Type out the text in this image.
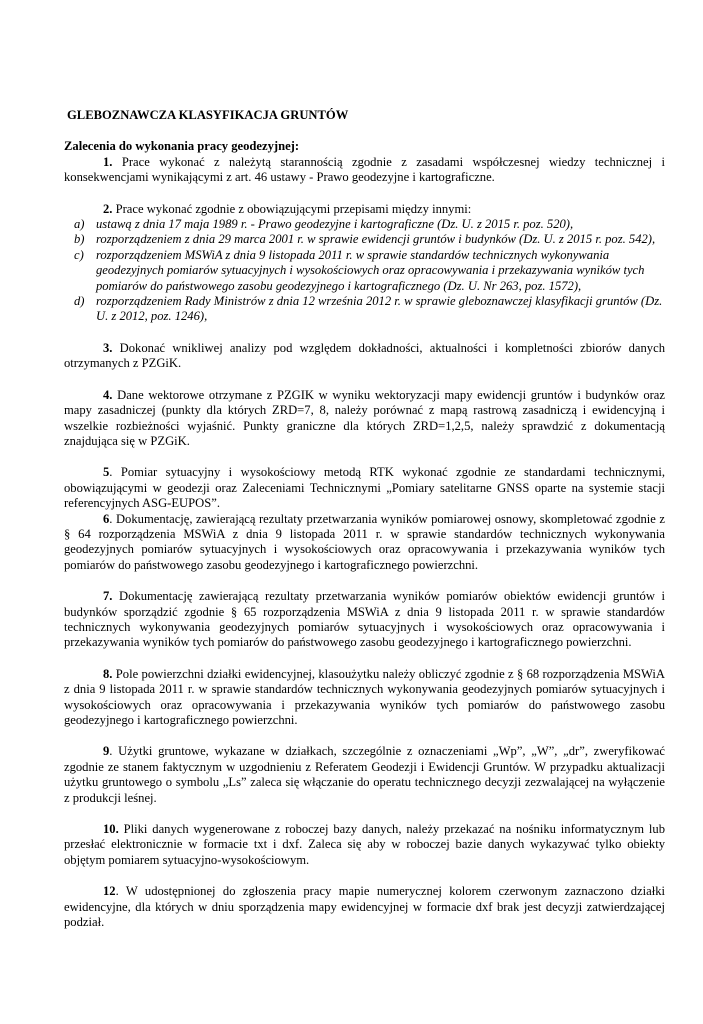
GLEBOZNAWCZA KLASYFIKACJA GRUNTÓW
Zalecenia do wykonania pracy geodezyjnej:

1. Prace wykonać z należytą starannością zgodnie z zasadami współczesnej wiedzy technicznej i konsekwencjami wynikającymi z art. 46 ustawy - Prawo geodezyjne i kartograficzne.

2. Prace wykonać zgodnie z obowiązującymi przepisami między innymi:

a) ustawą z dnia 17 maja 1989 r. - Prawo geodezyjne i kartograficzne (Dz. U. z 2015 r. poz. 520),
b) rozporządzeniem z dnia 29 marca 2001 r. w sprawie ewidencji gruntów i budynków (Dz. U. z 2015 r. poz. 542),
c) rozporządzeniem MSWiA z dnia 9 listopada 2011 r. w sprawie standardów technicznych wykonywania geodezyjnych pomiarów sytuacyjnych i wysokościowych oraz opracowywania i przekazywania wyników tych pomiarów do państwowego zasobu geodezyjnego i kartograficznego (Dz. U. Nr 263, poz. 1572),
d) rozporządzeniem Rady Ministrów z dnia 12 września 2012 r. w sprawie gleboznawczej klasyfikacji gruntów (Dz. U. z 2012, poz. 1246),

3. Dokonać wnikliwej analizy pod względem dokładności, aktualności i kompletności zbiorów danych otrzymanych z PZGiK.

4. Dane wektorowe otrzymane z PZGIK w wyniku wektoryzacji mapy ewidencji gruntów i budynków oraz mapy zasadniczej (punkty dla których ZRD=7, 8, należy porównać z mapą rastrową zasadniczą i ewidencyjną i wszelkie rozbieżności wyjaśnić. Punkty graniczne dla których ZRD=1,2,5, należy sprawdzić z dokumentacją znajdująca się w PZGiK.

5. Pomiar sytuacyjny i wysokościowy metodą RTK wykonać zgodnie ze standardami technicznymi, obowiązującymi w geodezji oraz Zaleceniami Technicznymi „Pomiary satelitarne GNSS oparte na systemie stacji referencyjnych ASG-EUPOS”.

6. Dokumentację, zawierającą rezultaty przetwarzania wyników pomiarowej osnowy, skompletować zgodnie z § 64 rozporządzenia MSWiA z dnia 9 listopada 2011 r. w sprawie standardów technicznych wykonywania geodezyjnych pomiarów sytuacyjnych i wysokościowych oraz opracowywania i przekazywania wyników tych pomiarów do państwowego zasobu geodezyjnego i kartograficznego powierzchni.

7. Dokumentację zawierającą rezultaty przetwarzania wyników pomiarów obiektów ewidencji gruntów i budynków sporządzić zgodnie § 65 rozporządzenia MSWiA z dnia 9 listopada 2011 r. w sprawie standardów technicznych wykonywania geodezyjnych pomiarów sytuacyjnych i wysokościowych oraz opracowywania i przekazywania wyników tych pomiarów do państwowego zasobu geodezyjnego i kartograficznego powierzchni.

8. Pole powierzchni działki ewidencyjnej, klasoużytku należy obliczyć zgodnie z § 68 rozporządzenia MSWiA z dnia 9 listopada 2011 r. w sprawie standardów technicznych wykonywania geodezyjnych pomiarów sytuacyjnych i wysokościowych oraz opracowywania i przekazywania wyników tych pomiarów do państwowego zasobu geodezyjnego i kartograficznego powierzchni.

9. Użytki gruntowe, wykazane w działkach, szczególnie z oznaczeniami „Wp”, „W”, „dr”, zweryfikować zgodnie ze stanem faktycznym w uzgodnieniu z Referatem Geodezji i Ewidencji Gruntów. W przypadku aktualizacji użytku gruntowego o symbolu „Ls” zaleca się włączanie do operatu technicznego decyzji zezwalającej na wyłączenie z produkcji leśnej.

10. Pliki danych wygenerowane z roboczej bazy danych, należy przekazać na nośniku informatycznym lub przesłać elektronicznie w formacie txt i dxf. Zaleca się aby w roboczej bazie danych wykazywać tylko obiekty objętym pomiarem sytuacyjno-wysokościowym.

12. W udostępnionej do zgłoszenia pracy mapie numerycznej kolorem czerwonym zaznaczono działki ewidencyjne, dla których w dniu sporządzenia mapy ewidencyjnej w formacie dxf brak jest decyzji zatwierdzającej podział.
